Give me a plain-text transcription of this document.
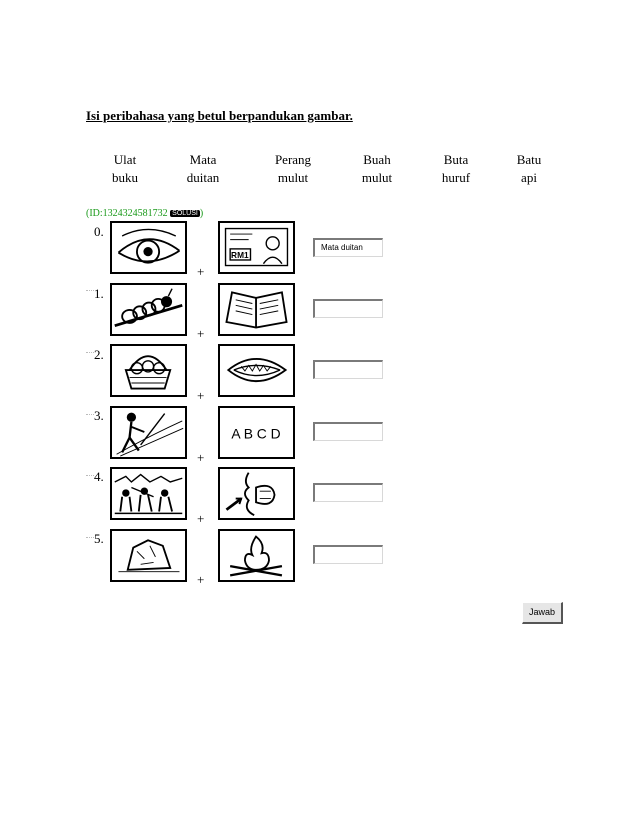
Isi peribahasa yang betul berpandukan gambar.
Ulat
buku
Mata
duitan
Perang
mulut
Buah
mulut
Buta
huruf
Batu
api
(ID:1324324581732 SOLUSI )
0.
+
RM1
Mata duitan
1.
+
2.
+
3.
+
A B C D
4.
+
5.
+
Jawab
